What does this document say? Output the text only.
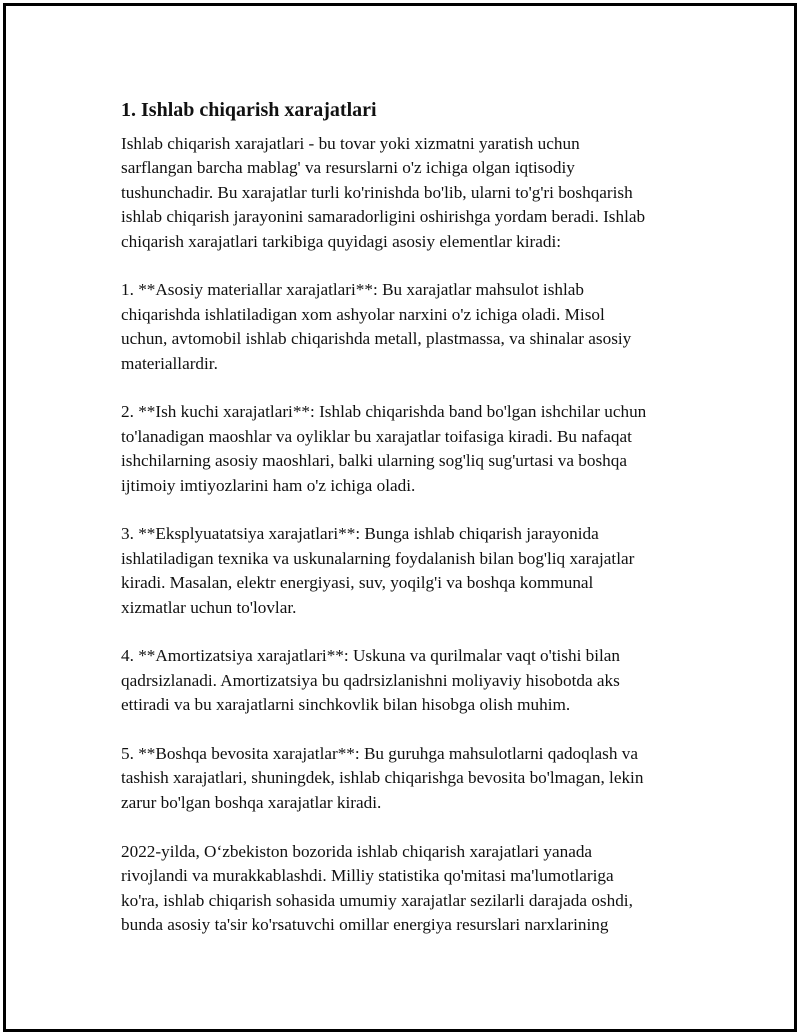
1. Ishlab chiqarish xarajatlari
Ishlab chiqarish xarajatlari - bu tovar yoki xizmatni yaratish uchun
sarflangan barcha mablag' va resurslarni o'z ichiga olgan iqtisodiy
tushunchadir. Bu xarajatlar turli ko'rinishda bo'lib, ularni to'g'ri boshqarish
ishlab chiqarish jarayonini samaradorligini oshirishga yordam beradi. Ishlab
chiqarish xarajatlari tarkibiga quyidagi asosiy elementlar kiradi:
1. **Asosiy materiallar xarajatlari**: Bu xarajatlar mahsulot ishlab
chiqarishda ishlatiladigan xom ashyolar narxini o'z ichiga oladi. Misol
uchun, avtomobil ishlab chiqarishda metall, plastmassa, va shinalar asosiy
materiallardir.
2. **Ish kuchi xarajatlari**: Ishlab chiqarishda band bo'lgan ishchilar uchun
to'lanadigan maoshlar va oyliklar bu xarajatlar toifasiga kiradi. Bu nafaqat
ishchilarning asosiy maoshlari, balki ularning sog'liq sug'urtasi va boshqa
ijtimoiy imtiyozlarini ham o'z ichiga oladi.
3. **Eksplyuatatsiya xarajatlari**: Bunga ishlab chiqarish jarayonida
ishlatiladigan texnika va uskunalarning foydalanish bilan bog'liq xarajatlar
kiradi. Masalan, elektr energiyasi, suv, yoqilg'i va boshqa kommunal
xizmatlar uchun to'lovlar.
4. **Amortizatsiya xarajatlari**: Uskuna va qurilmalar vaqt o'tishi bilan
qadrsizlanadi. Amortizatsiya bu qadrsizlanishni moliyaviy hisobotda aks
ettiradi va bu xarajatlarni sinchkovlik bilan hisobga olish muhim.
5. **Boshqa bevosita xarajatlar**: Bu guruhga mahsulotlarni qadoqlash va
tashish xarajatlari, shuningdek, ishlab chiqarishga bevosita bo'lmagan, lekin
zarur bo'lgan boshqa xarajatlar kiradi.
2022-yilda, O‘zbekiston bozorida ishlab chiqarish xarajatlari yanada
rivojlandi va murakkablashdi. Milliy statistika qo'mitasi ma'lumotlariga
ko'ra, ishlab chiqarish sohasida umumiy xarajatlar sezilarli darajada oshdi,
bunda asosiy ta'sir ko'rsatuvchi omillar energiya resurslari narxlarining
